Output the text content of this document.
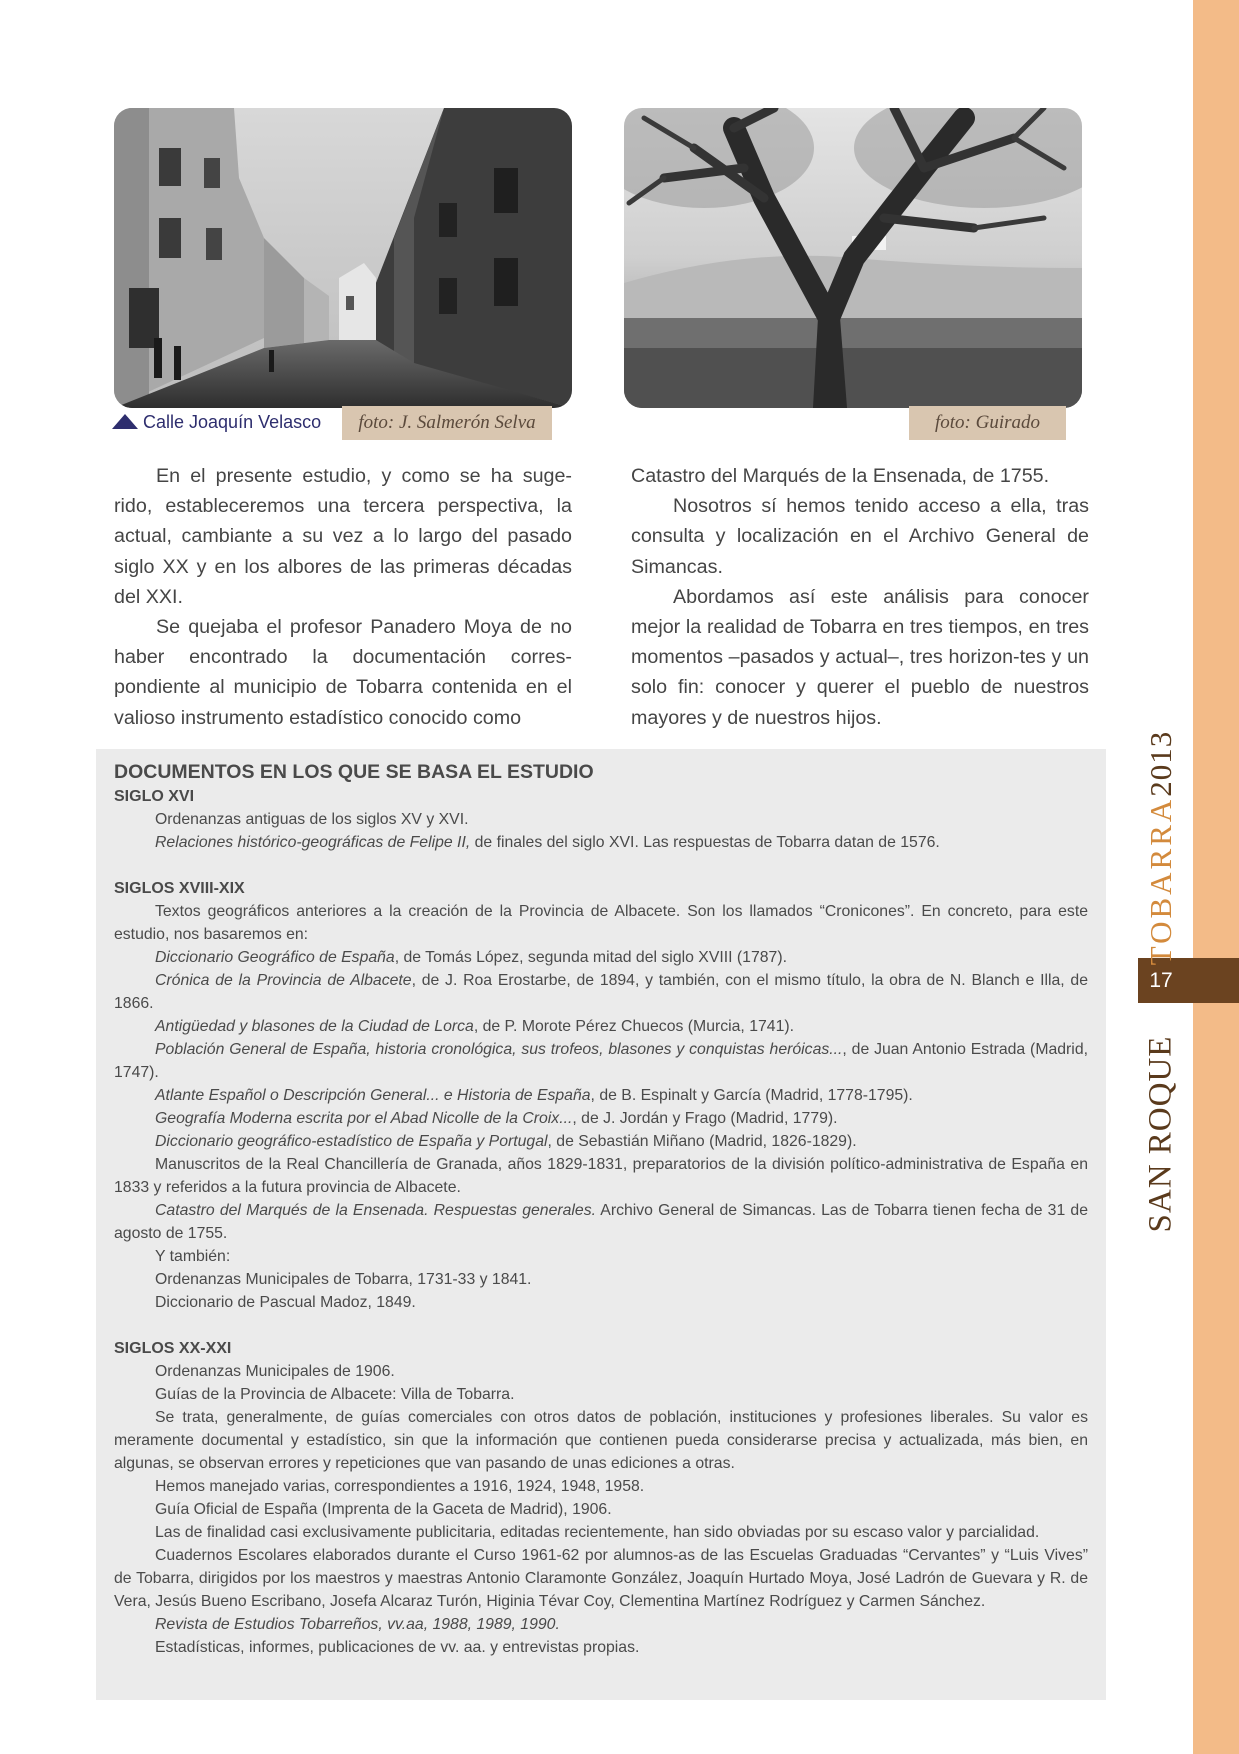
17
SAN ROQUE
TOBARRA2013
Calle Joaquín Velasco	foto: J. Salmerón Selva	foto: Guirado

En el presente estudio, y como se ha suge-rido, estableceremos una tercera perspectiva, la actual, cambiante a su vez a lo largo del pasado siglo XX y en los albores de las primeras décadas del XXI.

Se quejaba el profesor Panadero Moya de no haber encontrado la documentación corres-pondiente al municipio de Tobarra contenida en el valioso instrumento estadístico conocido como

Catastro del Marqués de la Ensenada, de 1755.

Nosotros sí hemos tenido acceso a ella, tras consulta y localización en el Archivo General de Simancas.

Abordamos así este análisis para conocer mejor la realidad de Tobarra en tres tiempos, en tres momentos –pasados y actual–, tres horizon-tes y un solo fin: conocer y querer el pueblo de nuestros mayores y de nuestros hijos.

DOCUMENTOS EN LOS QUE SE BASA EL ESTUDIO
SIGLO XVI

Ordenanzas antiguas de los siglos XV y XVI.

Relaciones histórico-geográficas de Felipe II, de finales del siglo XVI. Las respuestas de Tobarra datan de 1576.

SIGLOS XVIII-XIX

Textos geográficos anteriores a la creación de la Provincia de Albacete. Son los llamados “Cronicones”. En concreto, para este estudio, nos basaremos en:

Diccionario Geográfico de España, de Tomás López, segunda mitad del siglo XVIII (1787).

Crónica de la Provincia de Albacete, de J. Roa Erostarbe, de 1894, y también, con el mismo título, la obra de N. Blanch e Illa, de 1866.

Antigüedad y blasones de la Ciudad de Lorca, de P. Morote Pérez Chuecos (Murcia, 1741).

Población General de España, historia cronológica, sus trofeos, blasones y conquistas heróicas..., de Juan Antonio Estrada (Madrid, 1747).

Atlante Español o Descripción General... e Historia de España, de B. Espinalt y García (Madrid, 1778-1795).

Geografía Moderna escrita por el Abad Nicolle de la Croix..., de J. Jordán y Frago (Madrid, 1779).

Diccionario geográfico-estadístico de España y Portugal, de Sebastián Miñano (Madrid, 1826-1829).

Manuscritos de la Real Chancillería de Granada, años 1829-1831, preparatorios de la división político-administrativa de España en 1833 y referidos a la futura provincia de Albacete.

Catastro del Marqués de la Ensenada. Respuestas generales. Archivo General de Simancas. Las de Tobarra tienen fecha de 31 de agosto de 1755.

Y también:

Ordenanzas Municipales de Tobarra, 1731-33 y 1841.

Diccionario de Pascual Madoz, 1849.

SIGLOS XX-XXI

Ordenanzas Municipales de 1906.

Guías de la Provincia de Albacete: Villa de Tobarra.

Se trata, generalmente, de guías comerciales con otros datos de población, instituciones y profesiones liberales. Su valor es meramente documental y estadístico, sin que la información que contienen pueda considerarse precisa y actualizada, más bien, en algunas, se observan errores y repeticiones que van pasando de unas ediciones a otras.

Hemos manejado varias, correspondientes a 1916, 1924, 1948, 1958.

Guía Oficial de España (Imprenta de la Gaceta de Madrid), 1906.

Las de finalidad casi exclusivamente publicitaria, editadas recientemente, han sido obviadas por su escaso valor y parcialidad.

Cuadernos Escolares elaborados durante el Curso 1961-62 por alumnos-as de las Escuelas Graduadas “Cervantes” y “Luis Vives” de Tobarra, dirigidos por los maestros y maestras Antonio Claramonte González, Joaquín Hurtado Moya, José Ladrón de Guevara y R. de Vera, Jesús Bueno Escribano, Josefa Alcaraz Turón, Higinia Tévar Coy, Clementina Martínez Rodríguez y Carmen Sánchez.

Revista de Estudios Tobarreños, vv.aa, 1988, 1989, 1990.

Estadísticas, informes, publicaciones de vv. aa. y entrevistas propias.
